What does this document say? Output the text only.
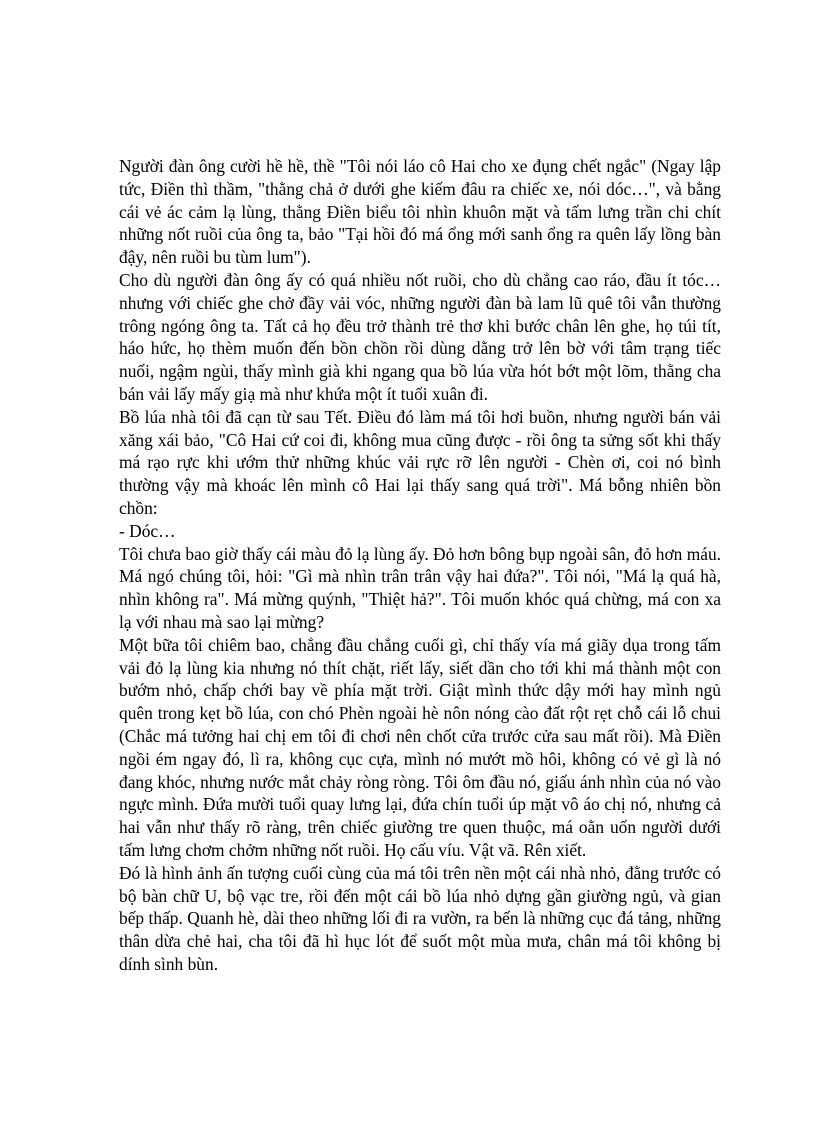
Người đàn ông cười hề hề, thề "Tôi nói láo cô Hai cho xe đụng chết ngắc" (Ngay lập tức, Điền thì thầm, "thằng chả ở dưới ghe kiếm đâu ra chiếc xe, nói dóc…", và bằng cái vẻ ác cảm lạ lùng, thằng Điền biểu tôi nhìn khuôn mặt và tấm lưng trần chi chít những nốt ruồi của ông ta, bảo "Tại hồi đó má ổng mới sanh ổng ra quên lấy lồng bàn đậy, nên ruồi bu tùm lum").

Cho dù người đàn ông ấy có quá nhiều nốt ruồi, cho dù chẳng cao ráo, đầu ít tóc… nhưng với chiếc ghe chở đầy vải vóc, những người đàn bà lam lũ quê tôi vẫn thường trông ngóng ông ta. Tất cả họ đều trở thành trẻ thơ khi bước chân lên ghe, họ túi tít, háo hức, họ thèm muốn đến bồn chồn rồi dùng dằng trở lên bờ với tâm trạng tiếc nuối, ngậm ngùi, thấy mình già khi ngang qua bồ lúa vừa hót bớt một lõm, thằng cha bán vải lấy mấy giạ mà như khứa một ít tuổi xuân đi.

Bồ lúa nhà tôi đã cạn từ sau Tết. Điều đó làm má tôi hơi buồn, nhưng người bán vải xăng xái bảo, "Cô Hai cứ coi đi, không mua cũng được - rồi ông ta sửng sốt khi thấy má rạo rực khi ướm thử những khúc vải rực rỡ lên người - Chèn ơi, coi nó bình thường vậy mà khoác lên mình cô Hai lại thấy sang quá trời". Má bỗng nhiên bồn chồn:

- Dóc…

Tôi chưa bao giờ thấy cái màu đỏ lạ lùng ấy. Đỏ hơn bông bụp ngoài sân, đỏ hơn máu. Má ngó chúng tôi, hỏi: "Gì mà nhìn trân trân vậy hai đứa?". Tôi nói, "Má lạ quá hà, nhìn không ra". Má mừng quýnh, "Thiệt hả?". Tôi muốn khóc quá chừng, má con xa lạ với nhau mà sao lại mừng?

Một bữa tôi chiêm bao, chẳng đầu chẳng cuối gì, chỉ thấy vía má giãy dụa trong tấm vải đỏ lạ lùng kia nhưng nó thít chặt, riết lấy, siết dần cho tới khi má thành một con bướm nhỏ, chấp chới bay về phía mặt trời. Giật mình thức dậy mới hay mình ngủ quên trong kẹt bồ lúa, con chó Phèn ngoài hè nôn nóng cào đất rột rẹt chỗ cái lỗ chui (Chắc má tưởng hai chị em tôi đi chơi nên chốt cửa trước cửa sau mất rồi). Mà Điền ngồi ém ngay đó, lì ra, không cục cựa, mình nó mướt mồ hôi, không có vẻ gì là nó đang khóc, nhưng nước mắt chảy ròng ròng. Tôi ôm đầu nó, giấu ánh nhìn của nó vào ngực mình. Đứa mười tuổi quay lưng lại, đứa chín tuổi úp mặt vô áo chị nó, nhưng cả hai vẫn như thấy rõ ràng, trên chiếc giường tre quen thuộc, má oằn uốn người dưới tấm lưng chơm chởm những nốt ruồi. Họ cấu víu. Vật vã. Rên xiết.

Đó là hình ảnh ấn tượng cuối cùng của má tôi trên nền một cái nhà nhỏ, đằng trước có bộ bàn chữ U, bộ vạc tre, rồi đến một cái bồ lúa nhỏ dựng gần giường ngủ, và gian bếp thấp. Quanh hè, dài theo những lối đi ra vườn, ra bến là những cục đá tảng, những thân dừa chẻ hai, cha tôi đã hì hục lót để suốt một mùa mưa, chân má tôi không bị dính sình bùn.
